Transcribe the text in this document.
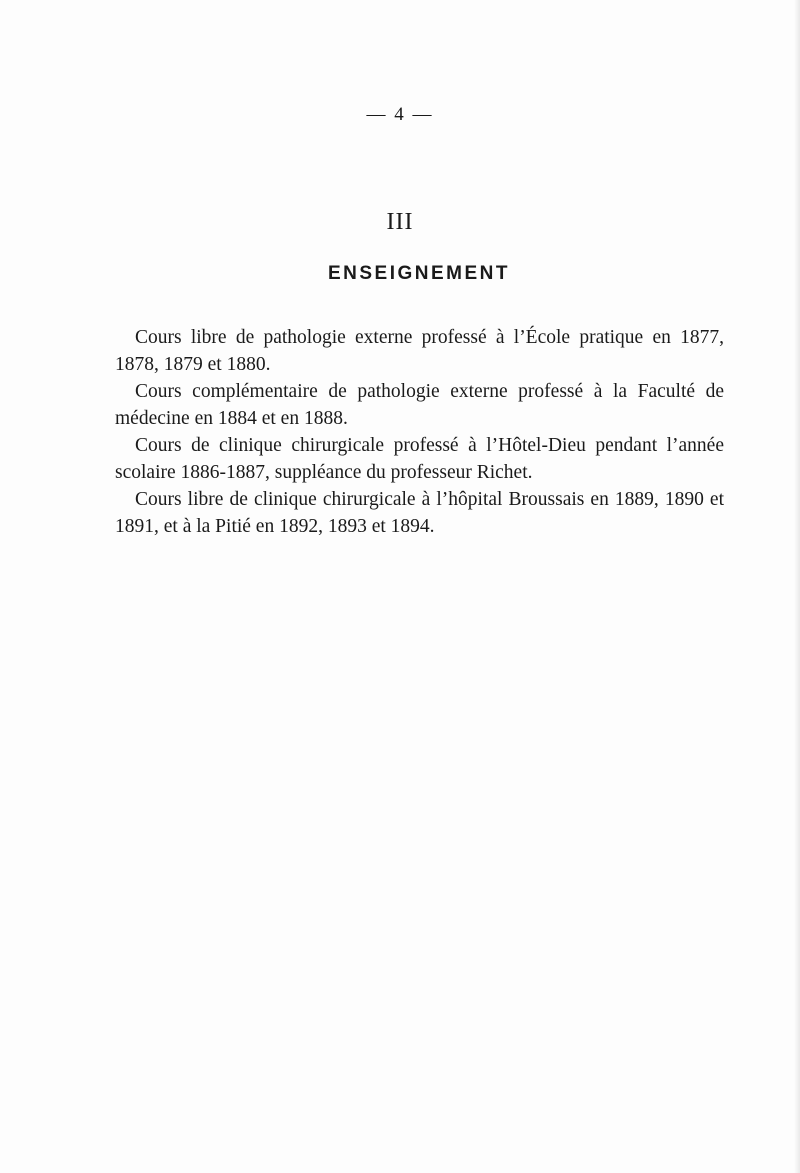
— 4 —
III
ENSEIGNEMENT

Cours libre de pathologie externe professé à l’École pratique en 1877, 1878, 1879 et 1880.

Cours complémentaire de pathologie externe professé à la Faculté de médecine en 1884 et en 1888.

Cours de clinique chirurgicale professé à l’Hôtel-Dieu pendant l’année scolaire 1886-1887, suppléance du professeur Richet.

Cours libre de clinique chirurgicale à l’hôpital Broussais en 1889, 1890 et 1891, et à la Pitié en 1892, 1893 et 1894.
